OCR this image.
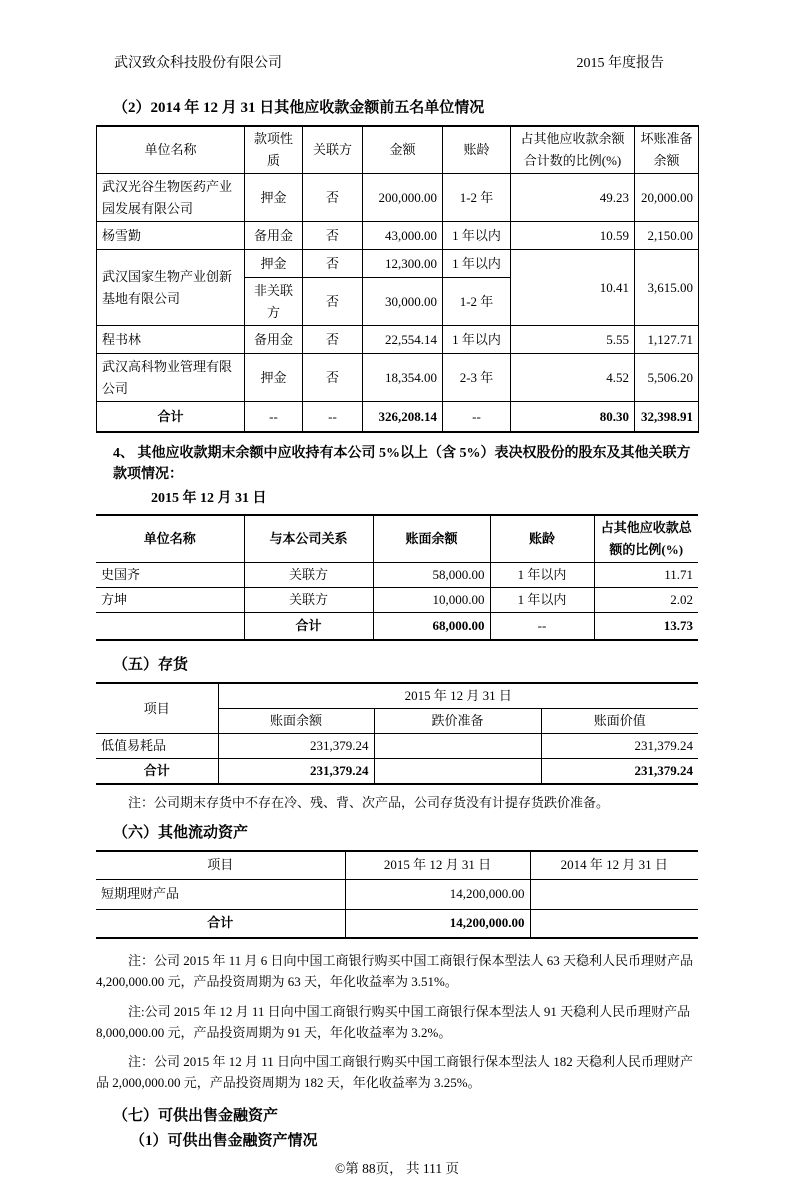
武汉致众科技股份有限公司	2015 年度报告
（2）2014 年 12 月 31 日其他应收款金额前五名单位情况
单位名称	款项性质	关联方	金额	账龄	占其他应收款余额合计数的比例(%)	坏账准备余额
武汉光谷生物医药产业园发展有限公司	押金	否	200,000.00	1-2 年	49.23	20,000.00
杨雪勤	备用金	否	43,000.00	1 年以内	10.59	2,150.00
武汉国家生物产业创新基地有限公司	押金	否	12,300.00	1 年以内	10.41	3,615.00
	非关联方	否	30,000.00	1-2 年		
程书林	备用金	否	22,554.14	1 年以内	5.55	1,127.71
武汉高科物业管理有限公司	押金	否	18,354.00	2-3 年	4.52	5,506.20
合计	--	--	326,208.14	--	80.30	32,398.91
4、 其他应收款期末余额中应收持有本公司 5%以上（含 5%）表决权股份的股东及其他关联方款项情况：
2015 年 12 月 31 日
单位名称	与本公司关系	账面余额	账龄	占其他应收款总额的比例(%)
史国齐	关联方	58,000.00	1 年以内	11.71
方坤	关联方	10,000.00	1 年以内	2.02
	合计	68,000.00	--	13.73
（五）存货
项目	2015 年 12 月 31 日		
	账面余额	跌价准备	账面价值
低值易耗品	231,379.24		231,379.24
合计	231,379.24		231,379.24
注：公司期末存货中不存在冷、残、背、次产品，公司存货没有计提存货跌价准备。
（六）其他流动资产
项目	2015 年 12 月 31 日	2014 年 12 月 31 日
短期理财产品	14,200,000.00	
合计	14,200,000.00	
注：公司 2015 年 11 月 6 日向中国工商银行购买中国工商银行保本型法人 63 天稳利人民币理财产品 4,200,000.00 元，产品投资周期为 63 天，年化收益率为 3.51%。
注:公司 2015 年 12 月 11 日向中国工商银行购买中国工商银行保本型法人 91 天稳利人民币理财产品 8,000,000.00 元，产品投资周期为 91 天，年化收益率为 3.2%。
注：公司 2015 年 12 月 11 日向中国工商银行购买中国工商银行保本型法人 182 天稳利人民币理财产品 2,000,000.00 元，产品投资周期为 182 天，年化收益率为 3.25%。
（七）可供出售金融资产
（1）可供出售金融资产情况
©第 88页， 共 111 页
